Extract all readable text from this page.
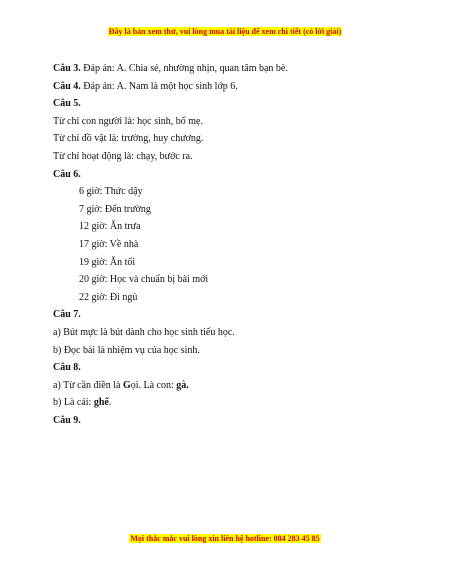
Đây là bản xem thử, vui lòng mua tài liệu để xem chi tiết (có lời giải)
Câu 3. Đáp án: A. Chia sẻ, nhường nhịn, quan tâm bạn bè.
Câu 4. Đáp án: A. Nam là một học sinh lớp 6.
Câu 5.
Từ chỉ con người là: học sinh, bố mẹ.
Từ chỉ đồ vật là: trường, huy chương.
Từ chỉ hoạt động là: chạy, bước ra.
Câu 6.
6 giờ: Thức dậy
7 giờ: Đến trường
12 giờ: Ăn trưa
17 giờ: Về nhà
19 giờ: Ăn tối
20 giờ: Học và chuẩn bị bài mới
22 giờ: Đi ngủ
Câu 7.
a) Bút mực là bút dành cho học sinh tiểu học.
b) Đọc bài là nhiệm vụ của học sinh.
Câu 8.
a) Từ cần điền là Gọi. Là con: gà.
b) Là cái: ghế.
Câu 9.
Mọi thắc mắc vui lòng xin liên hệ hotline: 084 283 45 85
